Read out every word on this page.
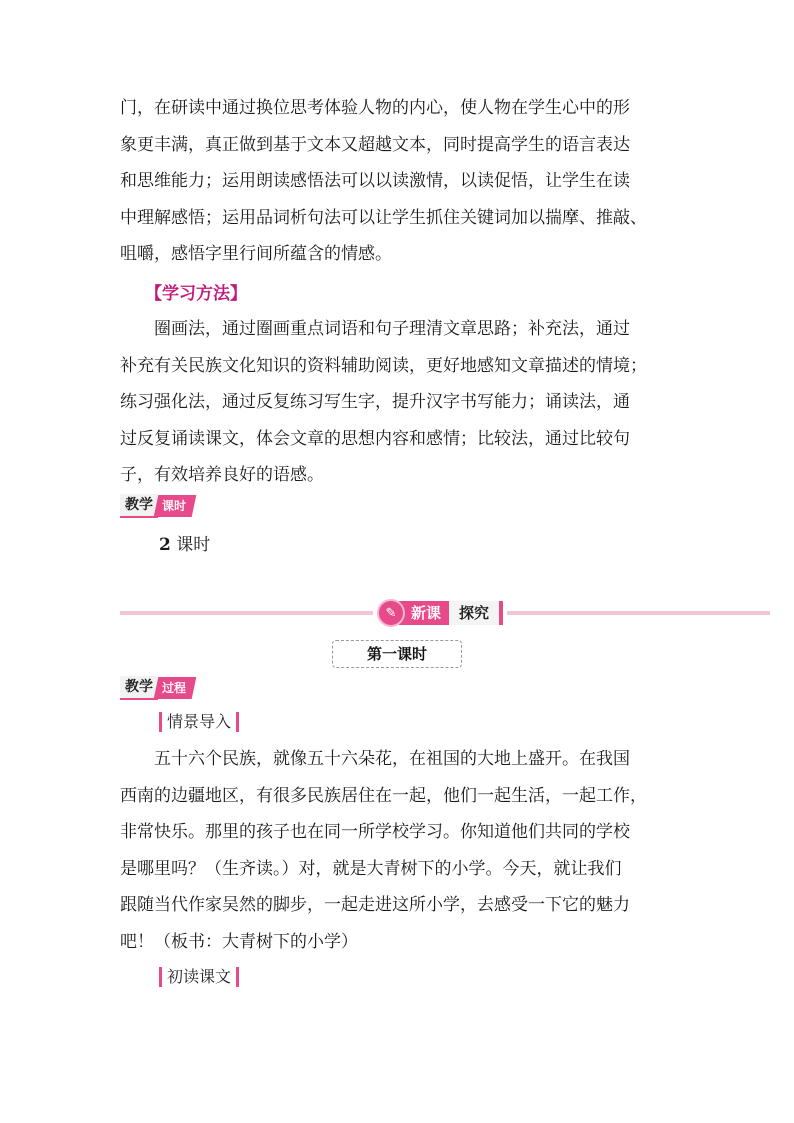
门，在研读中通过换位思考体验人物的内心，使人物在学生心中的形
象更丰满，真正做到基于文本又超越文本，同时提高学生的语言表达
和思维能力；运用朗读感悟法可以以读激情，以读促悟，让学生在读
中理解感悟；运用品词析句法可以让学生抓住关键词加以揣摩、推敲、
咀嚼，感悟字里行间所蕴含的情感。

【学习方法】

圈画法，通过圈画重点词语和句子理清文章思路；补充法，通过
补充有关民族文化知识的资料辅助阅读，更好地感知文章描述的情境；
练习强化法，通过反复练习写生字，提升汉字书写能力；诵读法，通
过反复诵读课文，体会文章的思想内容和感情；比较法，通过比较句
子，有效培养良好的语感。
教学 课时

2 课时

✎ 新课	探究
第一课时
教学 过程
情景导入
五十六个民族，就像五十六朵花，在祖国的大地上盛开。在我国
西南的边疆地区，有很多民族居住在一起，他们一起生活，一起工作，
非常快乐。那里的孩子也在同一所学校学习。你知道他们共同的学校
是哪里吗？（生齐读。）对，就是大青树下的小学。今天，就让我们
跟随当代作家吴然的脚步，一起走进这所小学，去感受一下它的魅力
吧！（板书：大青树下的小学）
初读课文
